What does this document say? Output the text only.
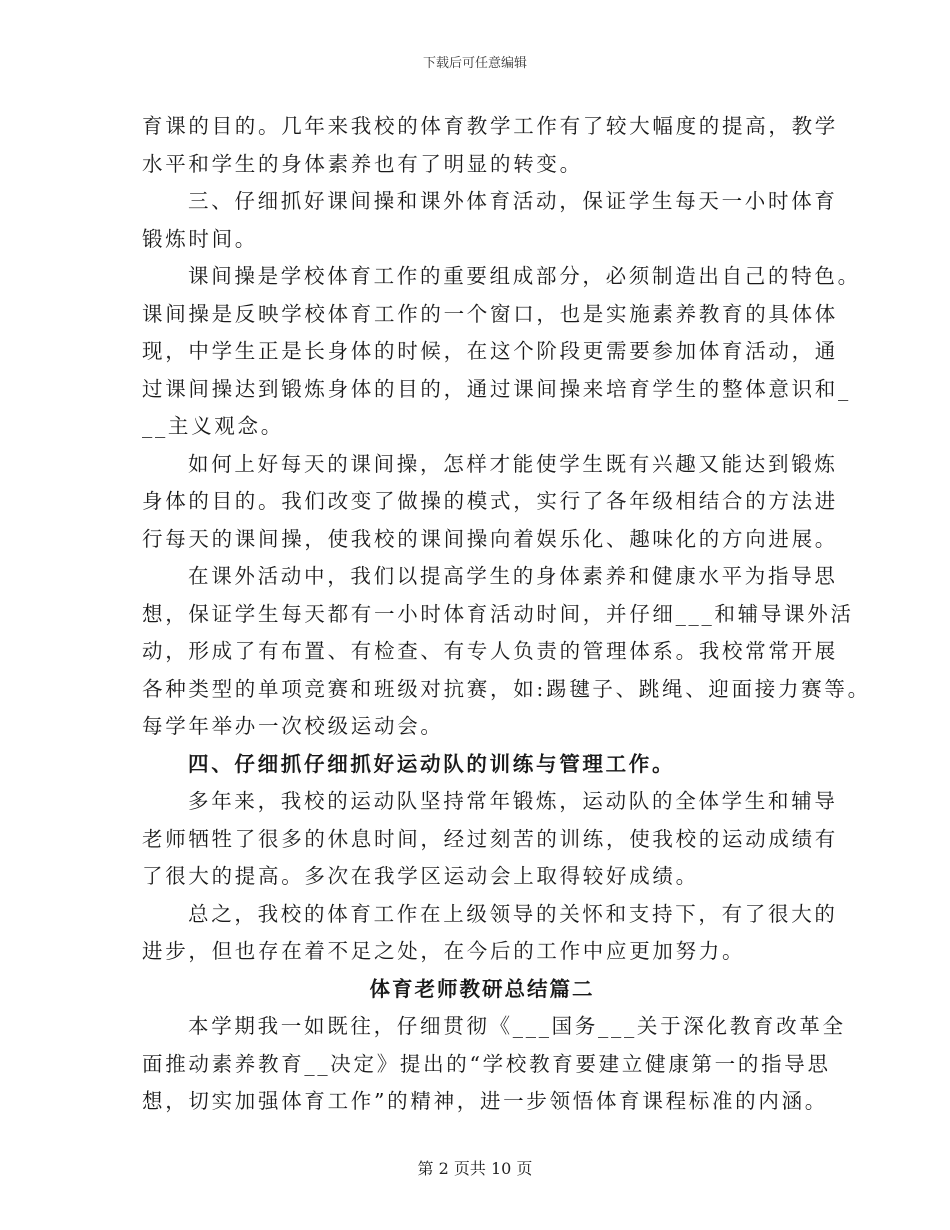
下载后可任意编辑
育课的目的。几年来我校的体育教学工作有了较大幅度的提高，教学
水平和学生的身体素养也有了明显的转变。
三、仔细抓好课间操和课外体育活动，保证学生每天一小时体育
锻炼时间。
课间操是学校体育工作的重要组成部分，必须制造出自己的特色。
课间操是反映学校体育工作的一个窗口，也是实施素养教育的具体体
现，中学生正是长身体的时候，在这个阶段更需要参加体育活动，通
过课间操达到锻炼身体的目的，通过课间操来培育学生的整体意识和_
__主义观念。
如何上好每天的课间操，怎样才能使学生既有兴趣又能达到锻炼
身体的目的。我们改变了做操的模式，实行了各年级相结合的方法进
行每天的课间操，使我校的课间操向着娱乐化、趣味化的方向进展。
在课外活动中，我们以提高学生的身体素养和健康水平为指导思
想，保证学生每天都有一小时体育活动时间，并仔细___和辅导课外活
动，形成了有布置、有检查、有专人负责的管理体系。我校常常开展
各种类型的单项竞赛和班级对抗赛，如:踢毽子、跳绳、迎面接力赛等。
每学年举办一次校级运动会。
四、仔细抓仔细抓好运动队的训练与管理工作。
多年来，我校的运动队坚持常年锻炼，运动队的全体学生和辅导
老师牺牲了很多的休息时间，经过刻苦的训练，使我校的运动成绩有
了很大的提高。多次在我学区运动会上取得较好成绩。
总之，我校的体育工作在上级领导的关怀和支持下，有了很大的
进步，但也存在着不足之处，在今后的工作中应更加努力。
体育老师教研总结篇二
本学期我一如既往，仔细贯彻《___国务___关于深化教育改革全
面推动素养教育__决定》提出的“学校教育要建立健康第一的指导思
想，切实加强体育工作”的精神，进一步领悟体育课程标准的内涵。
第 2 页共 10 页
